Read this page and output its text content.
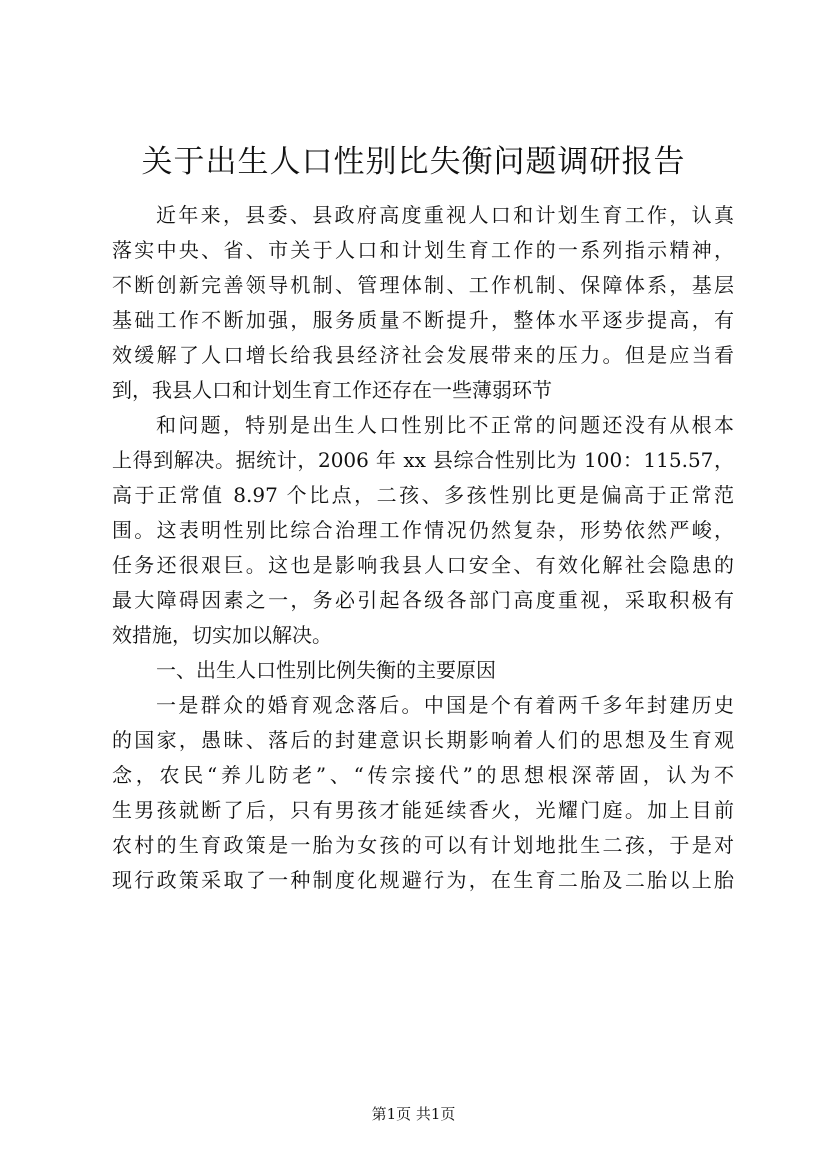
关于出生人口性别比失衡问题调研报告
近年来，县委、县政府高度重视人口和计划生育工作，认真
落实中央、省、市关于人口和计划生育工作的一系列指示精神，
不断创新完善领导机制、管理体制、工作机制、保障体系，基层
基础工作不断加强，服务质量不断提升，整体水平逐步提高，有
效缓解了人口增长给我县经济社会发展带来的压力。但是应当看
到，我县人口和计划生育工作还存在一些薄弱环节
和问题，特别是出生人口性别比不正常的问题还没有从根本
上得到解决。据统计，2006 年 xx 县综合性别比为 100：115.57，
高于正常值 8.97 个比点，二孩、多孩性别比更是偏高于正常范
围。这表明性别比综合治理工作情况仍然复杂，形势依然严峻，
任务还很艰巨。这也是影响我县人口安全、有效化解社会隐患的
最大障碍因素之一，务必引起各级各部门高度重视，采取积极有
效措施，切实加以解决。
一、出生人口性别比例失衡的主要原因
一是群众的婚育观念落后。中国是个有着两千多年封建历史
的国家，愚昧、落后的封建意识长期影响着人们的思想及生育观
念，农民“养儿防老”、“传宗接代”的思想根深蒂固，认为不
生男孩就断了后，只有男孩才能延续香火，光耀门庭。加上目前
农村的生育政策是一胎为女孩的可以有计划地批生二孩，于是对
现行政策采取了一种制度化规避行为，在生育二胎及二胎以上胎
第1页 共1页
